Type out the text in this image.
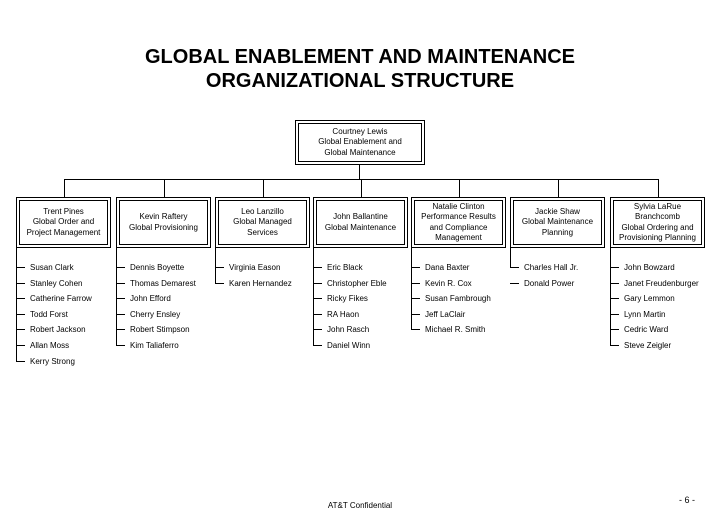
GLOBAL ENABLEMENT AND MAINTENANCE
ORGANIZATIONAL STRUCTURE
Courtney Lewis
Global Enablement and
Global Maintenance
Trent Pines
Global Order and
Project Management
Susan Clark
Stanley Cohen
Catherine Farrow
Todd Forst
Robert Jackson
Allan Moss
Kerry Strong
Kevin Raftery
Global Provisioning
Dennis Boyette
Thomas Demarest
John Efford
Cherry Ensley
Robert Stimpson
Kim Taliaferro
Leo Lanzillo
Global Managed
Services
Virginia Eason
Karen Hernandez
John Ballantine
Global Maintenance
Eric Black
Christopher Eble
Ricky Fikes
RA Haon
John Rasch
Daniel Winn
Natalie Clinton
Performance Results
and Compliance
Management
Dana Baxter
Kevin R. Cox
Susan Fambrough
Jeff LaClair
Michael R. Smith
Jackie Shaw
Global Maintenance
Planning
Charles Hall Jr.
Donald Power
Sylvia LaRue
Branchcomb
Global Ordering and
Provisioning Planning
John Bowzard
Janet Freudenburger
Gary Lemmon
Lynn Martin
Cedric Ward
Steve Zeigler
AT&T Confidential
- 6 -
